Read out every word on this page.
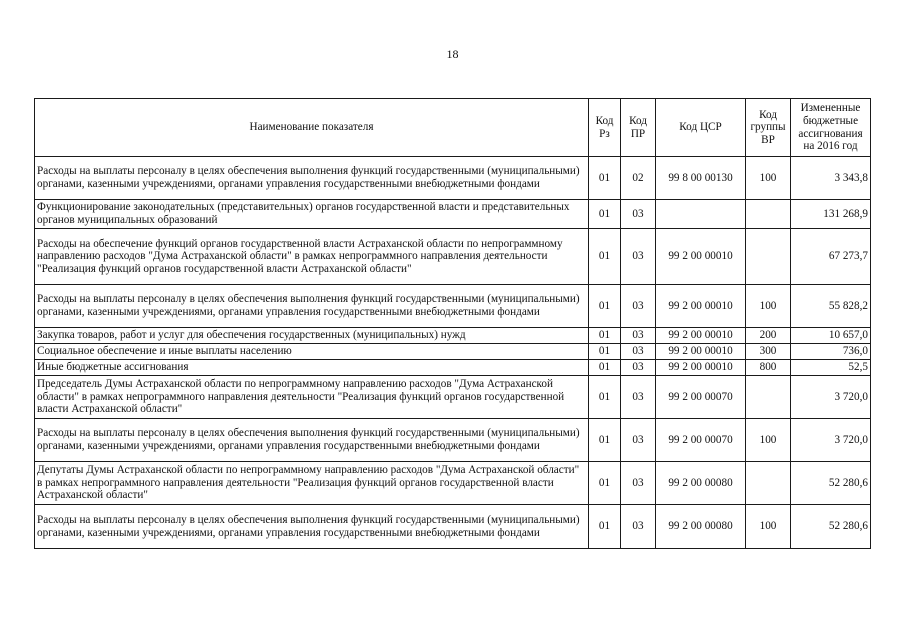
18
Наименование показателя	Код Рз	Код ПР	Код ЦСР	Код группы ВР	Измененные бюджетные ассигнования на 2016 год
Расходы на выплаты персоналу в целях обеспечения выполнения функций государственными (муниципальными) органами, казенными учреждениями, органами управления государственными внебюджетными фондами	01	02	99 8 00 00130	100	3 343,8
Функционирование законодательных (представительных) органов государственной власти и представительных органов муниципальных образований	01	03			131 268,9
Расходы на обеспечение функций органов государственной власти Астраханской области по непрограммному направлению расходов "Дума Астраханской области" в рамках непрограммного направления деятельности "Реализация функций органов государственной власти Астраханской области"	01	03	99 2 00 00010		67 273,7
Расходы на выплаты персоналу в целях обеспечения выполнения функций государственными (муниципальными) органами, казенными учреждениями, органами управления государственными внебюджетными фондами	01	03	99 2 00 00010	100	55 828,2
Закупка товаров, работ и услуг для обеспечения государственных (муниципальных) нужд	01	03	99 2 00 00010	200	10 657,0
Социальное обеспечение и иные выплаты населению	01	03	99 2 00 00010	300	736,0
Иные бюджетные ассигнования	01	03	99 2 00 00010	800	52,5
Председатель Думы Астраханской области по непрограммному направлению расходов "Дума Астраханской области" в рамках непрограммного направления деятельности "Реализация функций органов государственной власти Астраханской области"	01	03	99 2 00 00070		3 720,0
Расходы на выплаты персоналу в целях обеспечения выполнения функций государственными (муниципальными) органами, казенными учреждениями, органами управления государственными внебюджетными фондами	01	03	99 2 00 00070	100	3 720,0
Депутаты Думы Астраханской области по непрограммному направлению расходов "Дума Астраханской области" в рамках непрограммного направления деятельности "Реализация функций органов государственной власти Астраханской области"	01	03	99 2 00 00080		52 280,6
Расходы на выплаты персоналу в целях обеспечения выполнения функций государственными (муниципальными) органами, казенными учреждениями, органами управления государственными внебюджетными фондами	01	03	99 2 00 00080	100	52 280,6
